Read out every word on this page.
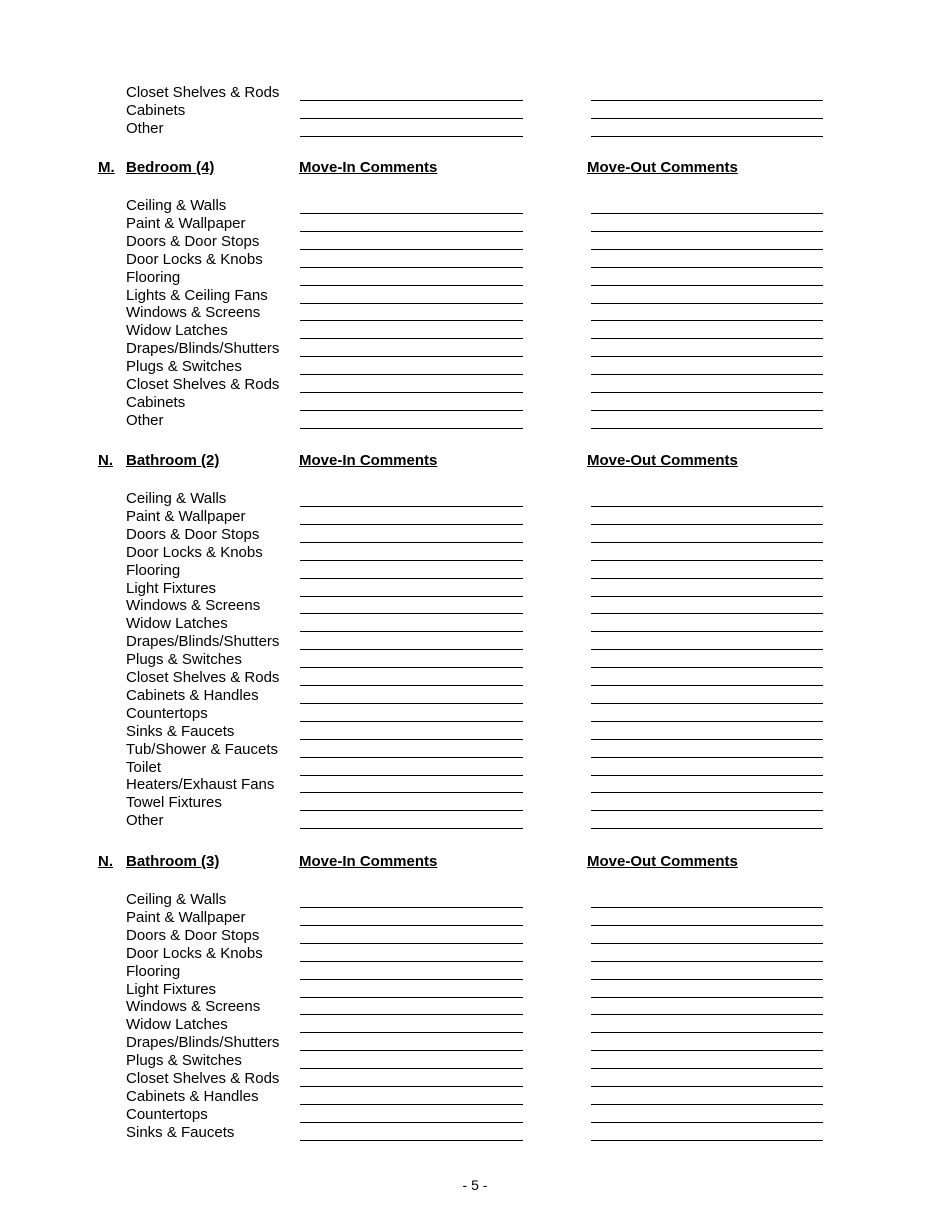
Closet Shelves & Rods
Cabinets
Other
M. Bedroom (4)	Move-In Comments	Move-Out Comments
Ceiling & Walls
Paint & Wallpaper
Doors & Door Stops
Door Locks & Knobs
Flooring
Lights & Ceiling Fans
Windows & Screens
Widow Latches
Drapes/Blinds/Shutters
Plugs & Switches
Closet Shelves & Rods
Cabinets
Other
N. Bathroom (2)	Move-In Comments	Move-Out Comments
Ceiling & Walls
Paint & Wallpaper
Doors & Door Stops
Door Locks & Knobs
Flooring
Light Fixtures
Windows & Screens
Widow Latches
Drapes/Blinds/Shutters
Plugs & Switches
Closet Shelves & Rods
Cabinets & Handles
Countertops
Sinks & Faucets
Tub/Shower & Faucets
Toilet
Heaters/Exhaust Fans
Towel Fixtures
Other
N. Bathroom (3)	Move-In Comments	Move-Out Comments
Ceiling & Walls
Paint & Wallpaper
Doors & Door Stops
Door Locks & Knobs
Flooring
Light Fixtures
Windows & Screens
Widow Latches
Drapes/Blinds/Shutters
Plugs & Switches
Closet Shelves & Rods
Cabinets & Handles
Countertops
Sinks & Faucets
- 5 -
